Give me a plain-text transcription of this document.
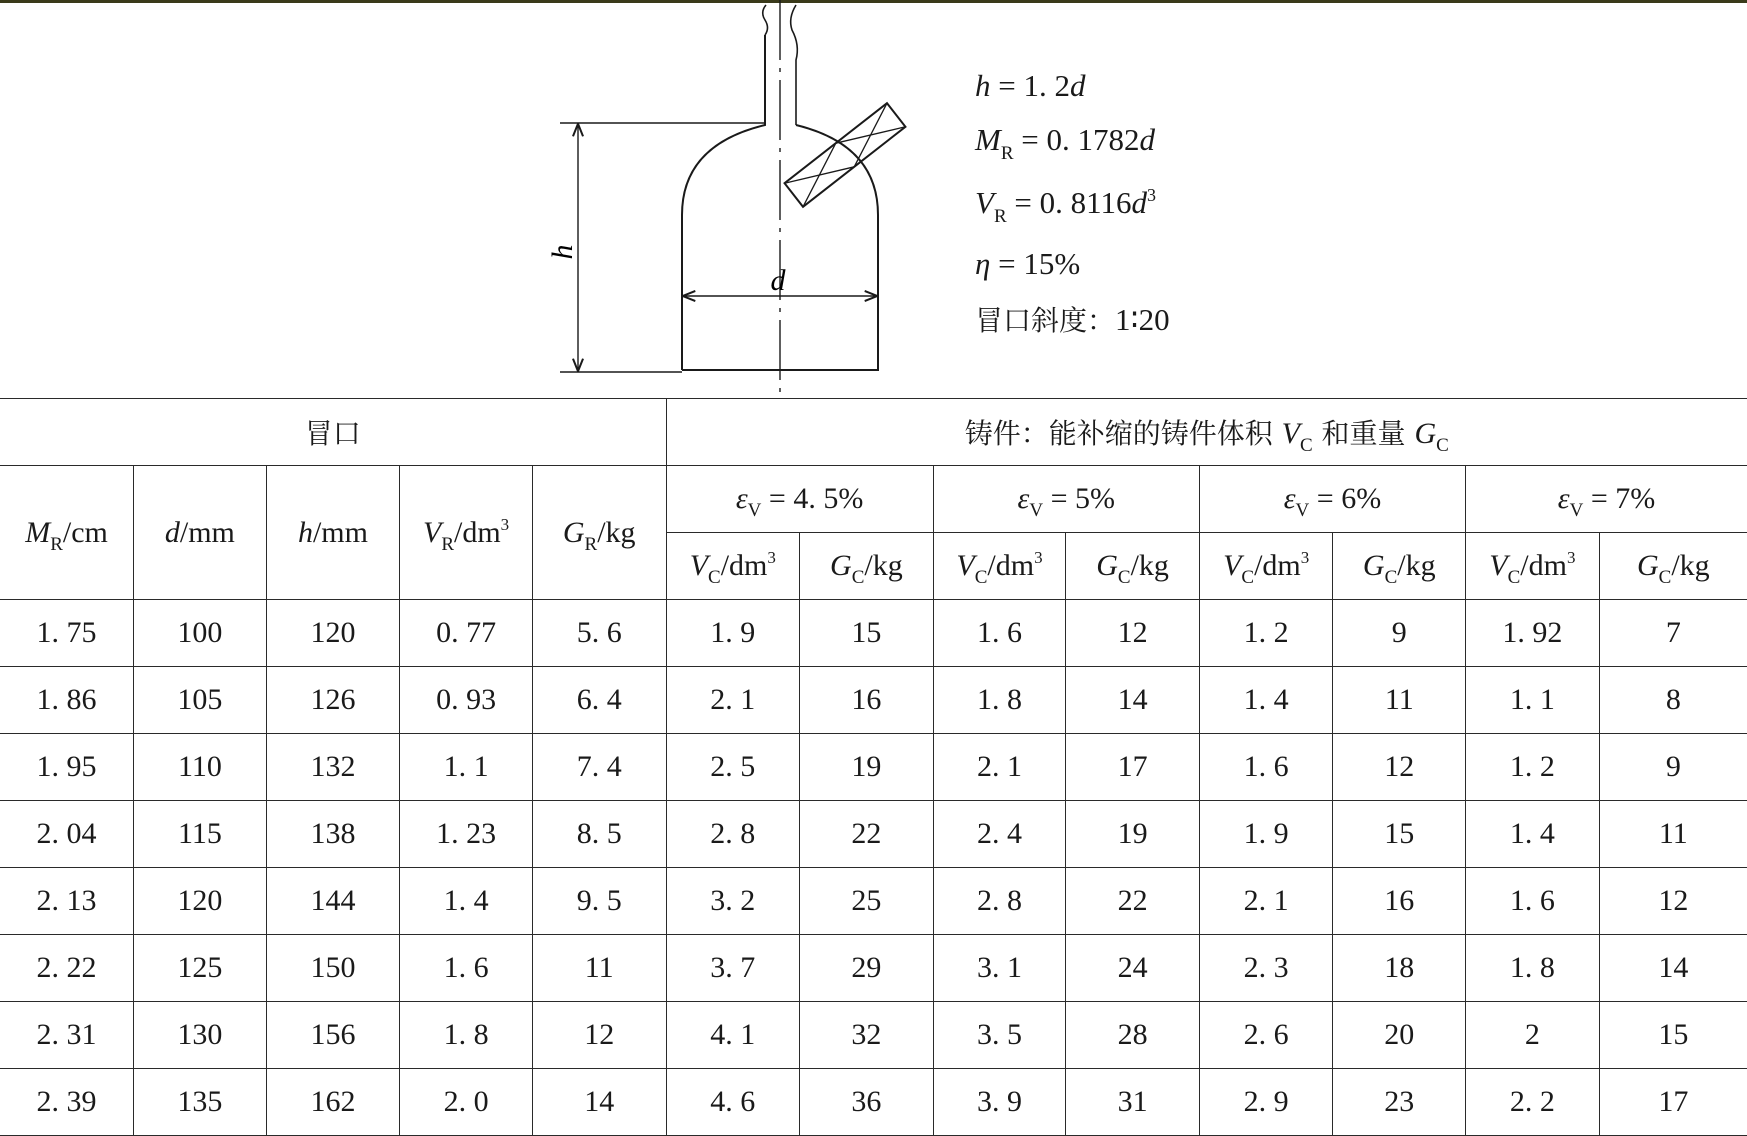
h
d
h = 1. 2d
$M_R = 0$. 1782d
$V_R = 0$. $8116d^3$
η = 15%
冒口斜度：1∶20
冒口					铸件：能补缩的铸件体积 $V_C$ 和重量 $G_C$
$M_R/cm$	d/mm	h/mm	$V_R/dm^3$	$G_R/kg$	$\varepsilon_V = 4$. 5%		$\varepsilon_V = 5\%$		$\varepsilon_V = 6\%$		$\varepsilon_V = 7\%$	
					$V_C/dm^3$	$G_C/kg$	$V_C/dm^3$	$G_C/kg$	$V_C/dm^3$	$G_C/kg$	$V_C/dm^3$	$G_C/kg$
1. 75	100	120	0. 77	5. 6	1. 9	15	1. 6	12	1. 2	9	1. 92	7
1. 86	105	126	0. 93	6. 4	2. 1	16	1. 8	14	1. 4	11	1. 1	8
1. 95	110	132	1. 1	7. 4	2. 5	19	2. 1	17	1. 6	12	1. 2	9
2. 04	115	138	1. 23	8. 5	2. 8	22	2. 4	19	1. 9	15	1. 4	11
2. 13	120	144	1. 4	9. 5	3. 2	25	2. 8	22	2. 1	16	1. 6	12
2. 22	125	150	1. 6	11	3. 7	29	3. 1	24	2. 3	18	1. 8	14
2. 31	130	156	1. 8	12	4. 1	32	3. 5	28	2. 6	20	2	15
2. 39	135	162	2. 0	14	4. 6	36	3. 9	31	2. 9	23	2. 2	17
